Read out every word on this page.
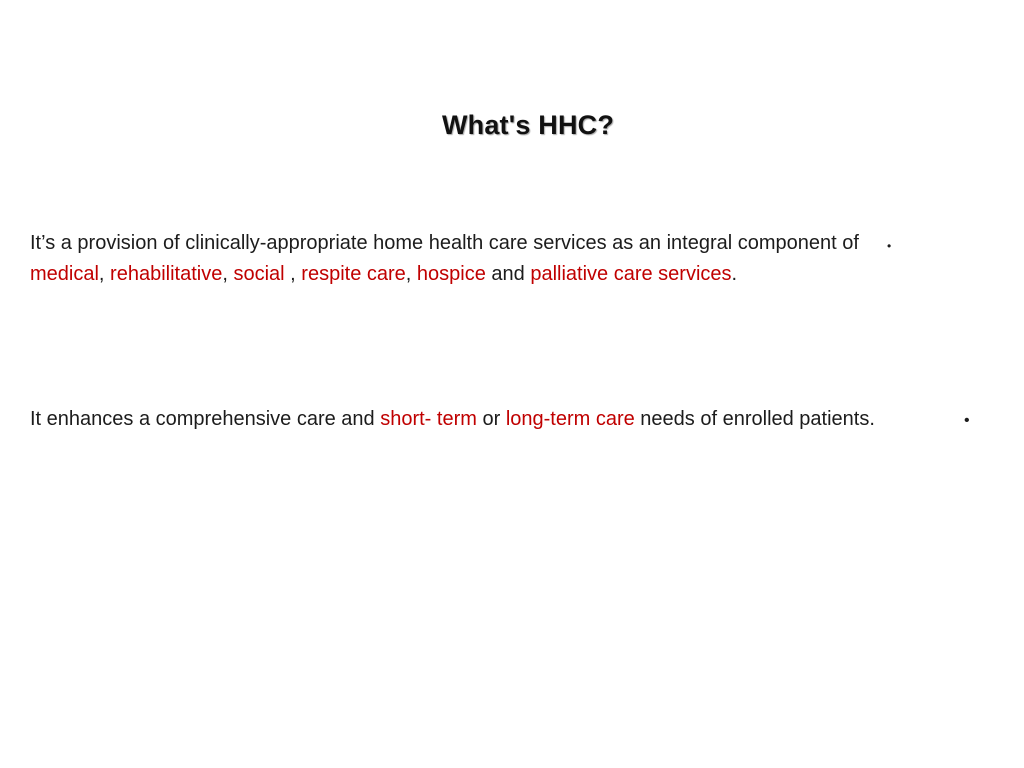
What's HHC?
It’s a provision of clinically-appropriate home health care services as an integral component of medical, rehabilitative, social , respite care, hospice and palliative care services.
•
It enhances a comprehensive care and short- term or long-term care needs of enrolled patients.	•
